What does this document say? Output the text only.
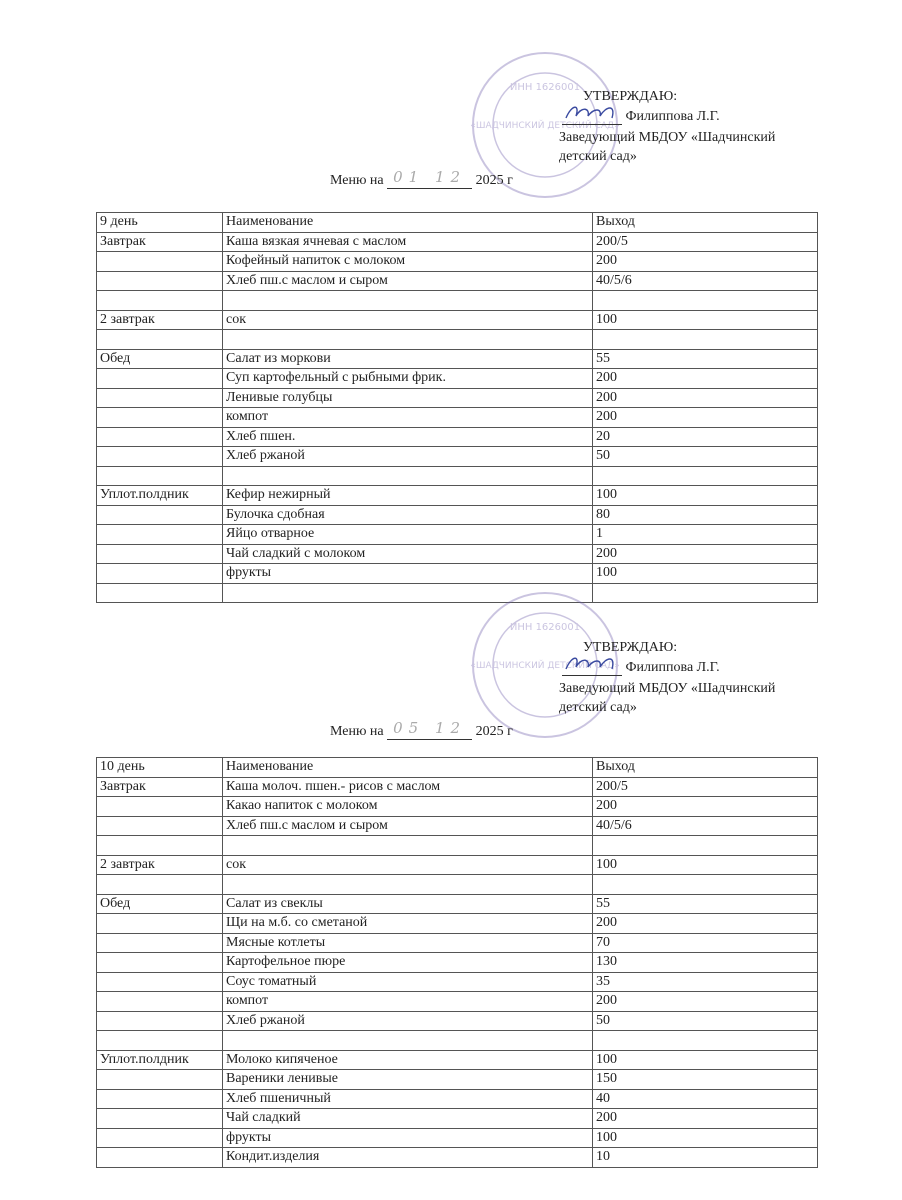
ИНН 1626001
«ШАДЧИНСКИЙ ДЕТСКИЙ САД»
УТВЕРЖДАЮ:
Филиппова Л.Г.
Заведующий МБДОУ «Шадчинский
детский сад»
Меню на 01 12 2025 г
9 день	Наименование	Выход
Завтрак	Каша вязкая ячневая с маслом	200/5
	Кофейный напиток с молоком	200
	Хлеб пш.с маслом и сыром	40/5/6

2 завтрак	сок	100

Обед	Салат из моркови	55
	Суп картофельный с рыбными фрик.	200
	Ленивые голубцы	200
	компот	200
	Хлеб пшен.	20
	Хлеб ржаной	50

Уплот.полдник	Кефир нежирный	100
	Булочка сдобная	80
	Яйцо отварное	1
	Чай сладкий с молоком	200
	фрукты	100

ИНН 1626001
«ШАДЧИНСКИЙ ДЕТСКИЙ САД»
УТВЕРЖДАЮ:
Филиппова Л.Г.
Заведующий МБДОУ «Шадчинский
детский сад»
Меню на 05 12 2025 г
10 день	Наименование	Выход
Завтрак	Каша молоч. пшен.- рисов с маслом	200/5
	Какао напиток с молоком	200
	Хлеб пш.с маслом и сыром	40/5/6

2 завтрак	сок	100

Обед	Салат из свеклы	55
	Щи на м.б. со сметаной	200
	Мясные котлеты	70
	Картофельное пюре	130
	Соус томатный	35
	компот	200
	Хлеб ржаной	50

Уплот.полдник	Молоко кипяченое	100
	Вареники ленивые	150
	Хлеб пшеничный	40
	Чай сладкий	200
	фрукты	100
	Кондит.изделия	10
